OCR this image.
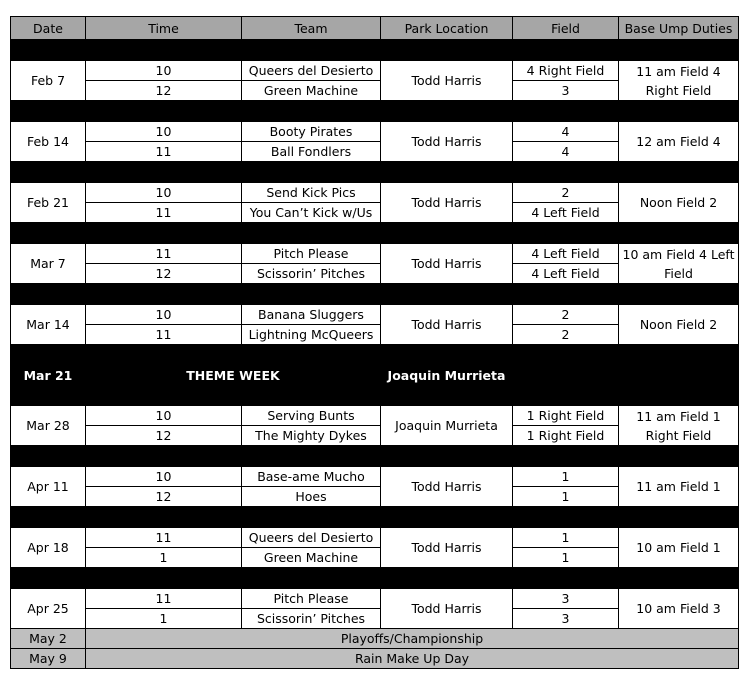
Date	Time	Team	Park Location	Field	Base Ump Duties

Feb 7	10	Queers del Desierto	Todd Harris	4 Right Field	11 am Field 4 Right Field
	12	Green Machine		3	

Feb 14	10	Booty Pirates	Todd Harris	4	12 am Field 4
	11	Ball Fondlers		4	

Feb 21	10	Send Kick Pics	Todd Harris	2	Noon Field 2
	11	You Can’t Kick w/Us		4 Left Field	

Mar 7	11	Pitch Please	Todd Harris	4 Left Field	10 am Field 4 Left Field
	12	Scissorin’ Pitches		4 Left Field	

Mar 14	10	Banana Sluggers	Todd Harris	2	Noon Field 2
	11	Lightning McQueers		2	
Mar 21	THEME WEEK		Joaquin Murrieta		
Mar 28	10	Serving Bunts	Joaquin Murrieta	1 Right Field	11 am Field 1 Right Field
	12	The Mighty Dykes		1 Right Field	

Apr 11	10	Base-ame Mucho	Todd Harris	1	11 am Field 1
	12	Hoes		1	

Apr 18	11	Queers del Desierto	Todd Harris	1	10 am Field 1
	1	Green Machine		1	

Apr 25	11	Pitch Please	Todd Harris	3	10 am Field 3
	1	Scissorin’ Pitches		3	
May 2	Playoffs/Championship				
May 9	Rain Make Up Day				
